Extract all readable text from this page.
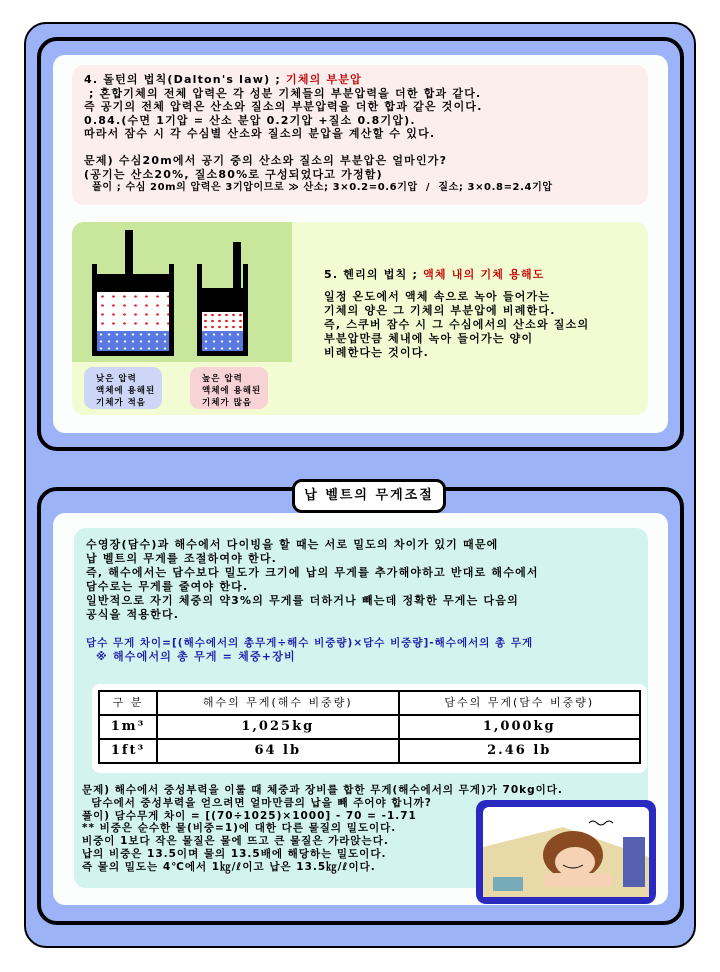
4. 돌턴의 법칙(Dalton's law) ; 기체의 부분압
; 혼합기체의 전체 압력은 각 성분 기체들의 부분압력을 더한 합과 같다.
즉 공기의 전체 압력은 산소와 질소의 부분압력을 더한 합과 같은 것이다.
0.84.(수면 1기압 = 산소 분압 0.2기압 +질소 0.8기압).
따라서 잠수 시 각 수심별 산소와 질소의 분압을 계산할 수 있다.

문제) 수심20m에서 공기 중의 산소와 질소의 부분압은 얼마인가?
(공기는 산소20%, 질소80%로 구성되었다고 가정함)
풀이 ; 수심 20m의 압력은 3기압이므로 ≫ 산소; 3×0.2=0.6기압  /  질소; 3×0.8=2.4기압
낮은 압력
액체에 용해된
기체가 적음
높은 압력
액체에 용해된
기체가 많음
5. 헨리의 법칙 ; 액체 내의 기체 용해도
일정 온도에서 액체 속으로 녹아 들어가는
기체의 양은 그 기체의 부분압에 비례한다.
즉, 스쿠버 잠수 시 그 수심에서의 산소와 질소의
부분압만큼 체내에 녹아 들어가는 양이
비례한다는 것이다.
납 벨트의 무게조절
수영장(담수)과 해수에서 다이빙을 할 때는 서로 밀도의 차이가 있기 때문에
납 벨트의 무게를 조절하여야 한다.
즉, 해수에서는 담수보다 밀도가 크기에 납의 무게를 추가해야하고 반대로 해수에서
담수로는 무게를 줄여야 한다.
일반적으로 자기 체중의 약3%의 무게를 더하거나 빼는데 정확한 무게는 다음의
공식을 적용한다.

담수 무게 차이=[(해수에서의 총무게÷해수 비중량)×담수 비중량]-해수에서의 총 무게
※ 해수에서의 총 무게 = 체중+장비
구 분	해수의 무게(해수 비중량)	담수의 무게(담수 비중량)
1m³	1,025kg	1,000kg
1ft³	64 lb	2.46 lb
문제) 해수에서 중성부력을 이룰 때 체중과 장비를 합한 무게(해수에서의 무게)가 70kg이다.
담수에서 중성부력을 얻으려면 얼마만큼의 납을 빼 주어야 합니까?
풀이) 담수무게 차이 = [(70÷1025)×1000] - 70 = -1.71
** 비중은 순수한 물(비중=1)에 대한 다른 물질의 밀도이다.
비중이 1보다 작은 물질은 물에 뜨고 큰 물질은 가라앉는다.
납의 비중은 13.5이며 물의 13.5배에 해당하는 밀도이다.
즉 물의 밀도는 4℃에서 1㎏/ℓ이고 납은 13.5㎏/ℓ이다.
